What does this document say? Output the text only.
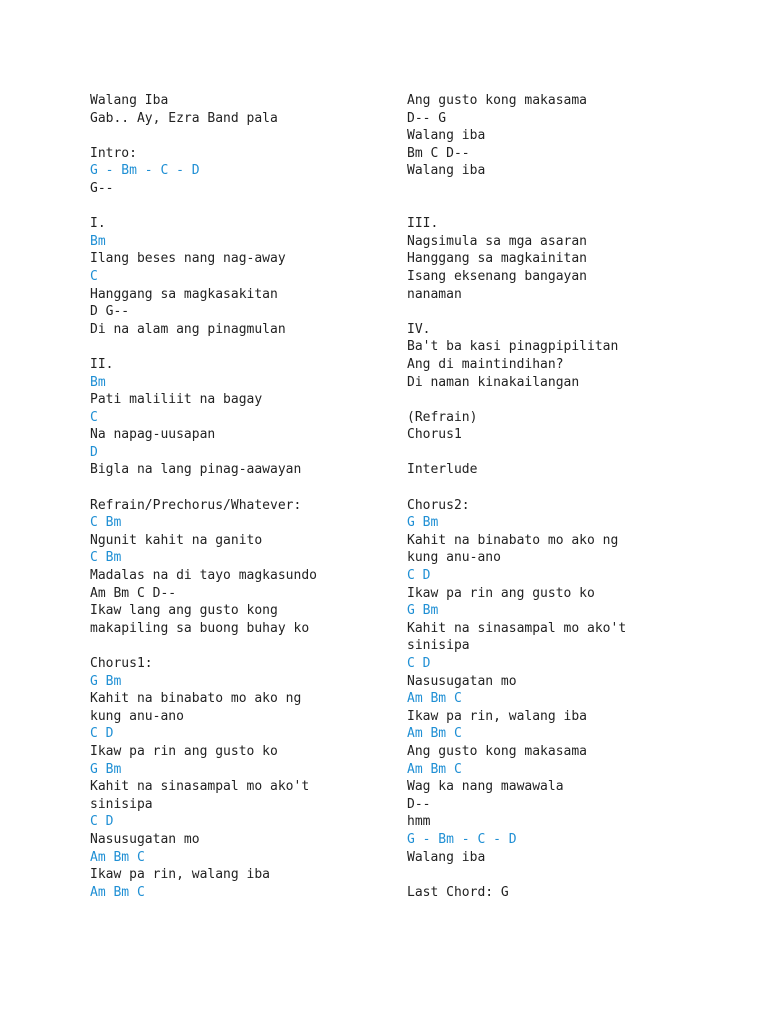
Walang Iba
Gab.. Ay, Ezra Band pala
Intro:
G - Bm - C - D
G--
I.
Bm
Ilang beses nang nag-away
C
Hanggang sa magkasakitan
D G--
Di na alam ang pinagmulan
II.
Bm
Pati maliliit na bagay
C
Na napag-uusapan
D
Bigla na lang pinag-aawayan
Refrain/Prechorus/Whatever:
C Bm
Ngunit kahit na ganito
C Bm
Madalas na di tayo magkasundo
Am Bm C D--
Ikaw lang ang gusto kong
makapiling sa buong buhay ko
Chorus1:
G Bm
Kahit na binabato mo ako ng
kung anu-ano
C D
Ikaw pa rin ang gusto ko
G Bm
Kahit na sinasampal mo ako't
sinisipa
C D
Nasusugatan mo
Am Bm C
Ikaw pa rin, walang iba
Am Bm C
Ang gusto kong makasama
D-- G
Walang iba
Bm C D--
Walang iba
III.
Nagsimula sa mga asaran
Hanggang sa magkainitan
Isang eksenang bangayan
nanaman
IV.
Ba't ba kasi pinagpipilitan
Ang di maintindihan?
Di naman kinakailangan
(Refrain)
Chorus1
Interlude
Chorus2:
G Bm
Kahit na binabato mo ako ng
kung anu-ano
C D
Ikaw pa rin ang gusto ko
G Bm
Kahit na sinasampal mo ako't
sinisipa
C D
Nasusugatan mo
Am Bm C
Ikaw pa rin, walang iba
Am Bm C
Ang gusto kong makasama
Am Bm C
Wag ka nang mawawala
D--
hmm
G - Bm - C - D
Walang iba
Last Chord: G
